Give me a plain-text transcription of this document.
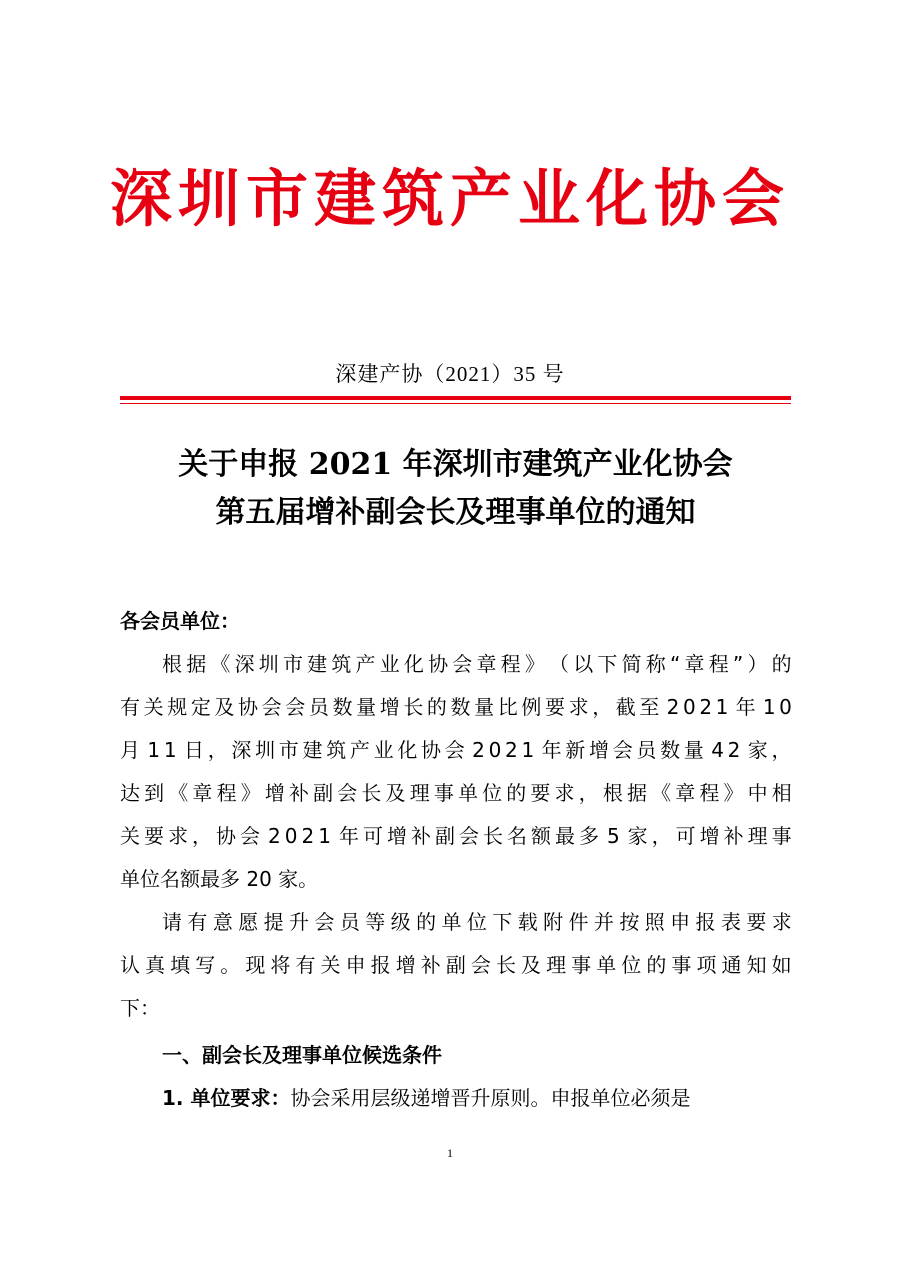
深圳市建筑产业化协会
深建产协（2021）35 号
关于申报 2021 年深圳市建筑产业化协会
第五届增补副会长及理事单位的通知
各会员单位：
根 据 《 深 圳 市 建 筑 产 业 化 协 会 章 程 》 （ 以 下 简 称 “ 章 程 ” ） 的
有 关 规 定 及 协 会 会 员 数 量 增 长 的 数 量 比 例 要 求 ， 截 至 2 0 2 1 年 1 0
月 1 1 日 ， 深 圳 市 建 筑 产 业 化 协 会 2 0 2 1 年 新 增 会 员 数 量 4 2 家 ，
达 到 《 章 程 》 增 补 副 会 长 及 理 事 单 位 的 要 求 ， 根 据 《 章 程 》 中 相
关 要 求 ， 协 会 2 0 2 1 年 可 增 补 副 会 长 名 额 最 多 5 家 ， 可 增 补 理 事
单位名额最多 20 家。
请 有 意 愿 提 升 会 员 等 级 的 单 位 下 载 附 件 并 按 照 申 报 表 要 求
认 真 填 写 。 现 将 有 关 申 报 增 补 副 会 长 及 理 事 单 位 的 事 项 通 知 如
下：
一、副会长及理事单位候选条件
1. 单位要求： 协会采用层级递增晋升原则。申报单位必须是
1
